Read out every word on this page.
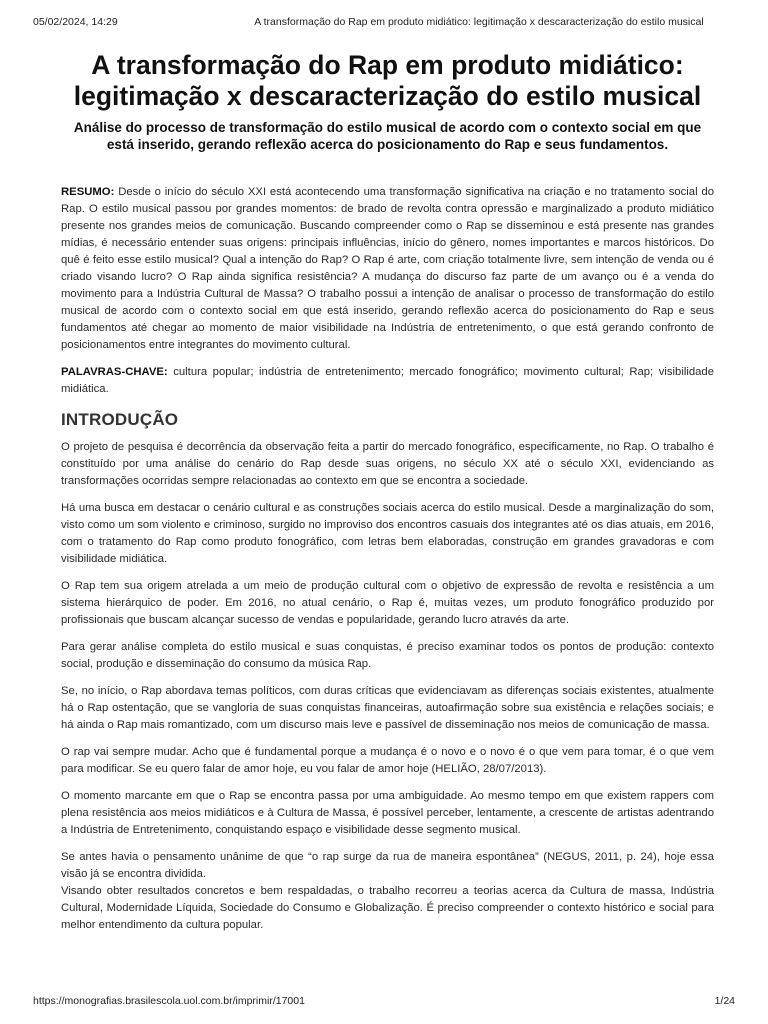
05/02/2024, 14:29	A transformação do Rap em produto midiático: legitimação x descaracterização do estilo musical
A transformação do Rap em produto midiático: legitimação x descaracterização do estilo musical

Análise do processo de transformação do estilo musical de acordo com o contexto social em que está inserido, gerando reflexão acerca do posicionamento do Rap e seus fundamentos.

RESUMO: Desde o início do século XXI está acontecendo uma transformação significativa na criação e no tratamento social do Rap. O estilo musical passou por grandes momentos: de brado de revolta contra opressão e marginalizado a produto midiático presente nos grandes meios de comunicação. Buscando compreender como o Rap se disseminou e está presente nas grandes mídias, é necessário entender suas origens: principais influências, início do gênero, nomes importantes e marcos históricos. Do quê é feito esse estilo musical? Qual a intenção do Rap? O Rap é arte, com criação totalmente livre, sem intenção de venda ou é criado visando lucro? O Rap ainda significa resistência? A mudança do discurso faz parte de um avanço ou é a venda do movimento para a Indústria Cultural de Massa? O trabalho possui a intenção de analisar o processo de transformação do estilo musical de acordo com o contexto social em que está inserido, gerando reflexão acerca do posicionamento do Rap e seus fundamentos até chegar ao momento de maior visibilidade na Indústria de entretenimento, o que está gerando confronto de posicionamentos entre integrantes do movimento cultural.

PALAVRAS-CHAVE: cultura popular; indústria de entretenimento; mercado fonográfico; movimento cultural; Rap; visibilidade midiática.

INTRODUÇÃO

O projeto de pesquisa é decorrência da observação feita a partir do mercado fonográfico, especificamente, no Rap. O trabalho é constituído por uma análise do cenário do Rap desde suas origens, no século XX até o século XXI, evidenciando as transformações ocorridas sempre relacionadas ao contexto em que se encontra a sociedade.

Há uma busca em destacar o cenário cultural e as construções sociais acerca do estilo musical. Desde a marginalização do som, visto como um som violento e criminoso, surgido no improviso dos encontros casuais dos integrantes até os dias atuais, em 2016, com o tratamento do Rap como produto fonográfico, com letras bem elaboradas, construção em grandes gravadoras e com visibilidade midiática.

O Rap tem sua origem atrelada a um meio de produção cultural com o objetivo de expressão de revolta e resistência a um sistema hierárquico de poder. Em 2016, no atual cenário, o Rap é, muitas vezes, um produto fonográfico produzido por profissionais que buscam alcançar sucesso de vendas e popularidade, gerando lucro através da arte.

Para gerar análise completa do estilo musical e suas conquistas, é preciso examinar todos os pontos de produção: contexto social, produção e disseminação do consumo da música Rap.

Se, no início, o Rap abordava temas políticos, com duras críticas que evidenciavam as diferenças sociais existentes, atualmente há o Rap ostentação, que se vangloria de suas conquistas financeiras, autoafirmação sobre sua existência e relações sociais; e há ainda o Rap mais romantizado, com um discurso mais leve e passível de disseminação nos meios de comunicação de massa.

O rap vai sempre mudar. Acho que é fundamental porque a mudança é o novo e o novo é o que vem para tomar, é o que vem para modificar. Se eu quero falar de amor hoje, eu vou falar de amor hoje (HELIÃO, 28/07/2013).

O momento marcante em que o Rap se encontra passa por uma ambiguidade. Ao mesmo tempo em que existem rappers com plena resistência aos meios midiáticos e à Cultura de Massa, é possível perceber, lentamente, a crescente de artistas adentrando a Indústria de Entretenimento, conquistando espaço e visibilidade desse segmento musical.

Se antes havia o pensamento unânime de que “o rap surge da rua de maneira espontânea” (NEGUS, 2011, p. 24), hoje essa visão já se encontra dividida.

Visando obter resultados concretos e bem respaldadas, o trabalho recorreu a teorias acerca da Cultura de massa, Indústria Cultural, Modernidade Líquida, Sociedade do Consumo e Globalização. É preciso compreender o contexto histórico e social para melhor entendimento da cultura popular.

https://monografias.brasilescola.uol.com.br/imprimir/17001	1/24
